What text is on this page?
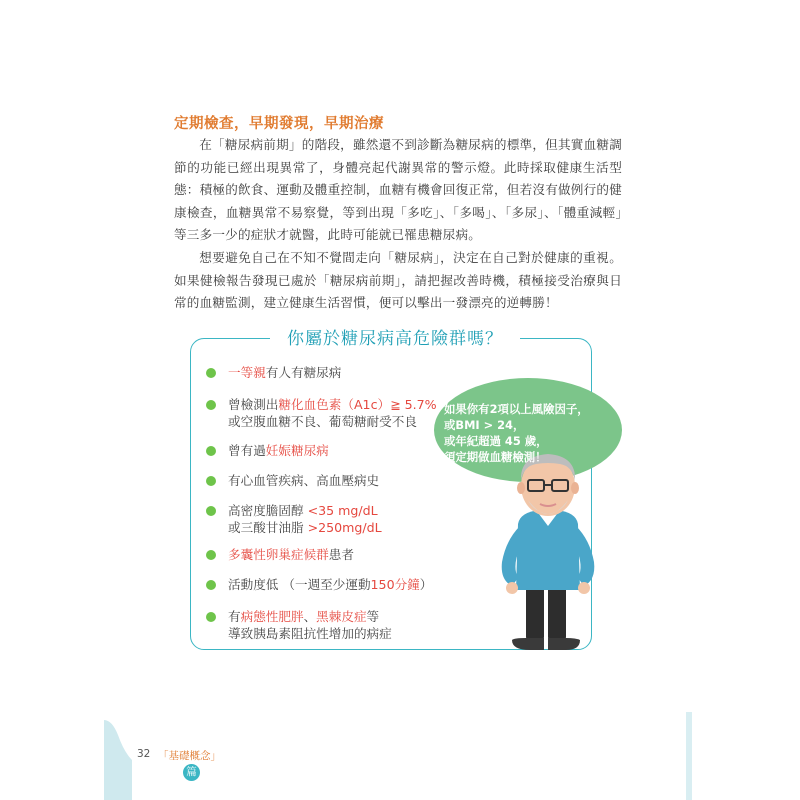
定期檢查，早期發現，早期治療

在「糖尿病前期」的階段，雖然還不到診斷為糖尿病的標準，但其實血糖調節的功能已經出現異常了，身體亮起代謝異常的警示燈。此時採取健康生活型態：積極的飲食、運動及體重控制，血糖有機會回復正常，但若沒有做例行的健康檢查，血糖異常不易察覺，等到出現「多吃」、「多喝」、「多尿」、「體重減輕」等三多一少的症狀才就醫，此時可能就已罹患糖尿病。

想要避免自己在不知不覺間走向「糖尿病」，決定在自己對於健康的重視。如果健檢報告發現已處於「糖尿病前期」，請把握改善時機，積極接受治療與日常的血糖監測，建立健康生活習慣，便可以擊出一發漂亮的逆轉勝！

你屬於糖尿病高危險群嗎？
一等親有人有糖尿病
曾檢測出糖化血色素（A1c）≧ 5.7%
或空腹血糖不良、葡萄糖耐受不良
曾有過妊娠糖尿病
有心血管疾病、高血壓病史
高密度膽固醇 <35 mg/dL
或三酸甘油脂 >250mg/dL
多囊性卵巢症候群患者
活動度低 （一週至少運動150分鐘）
有病態性肥胖、黑棘皮症等
導致胰島素阻抗性增加的病症
如果你有2項以上風險因子，
或BMI > 24，
或年紀超過 45 歲，
須定期做血糖檢測！
32 「基礎概念」
篇
